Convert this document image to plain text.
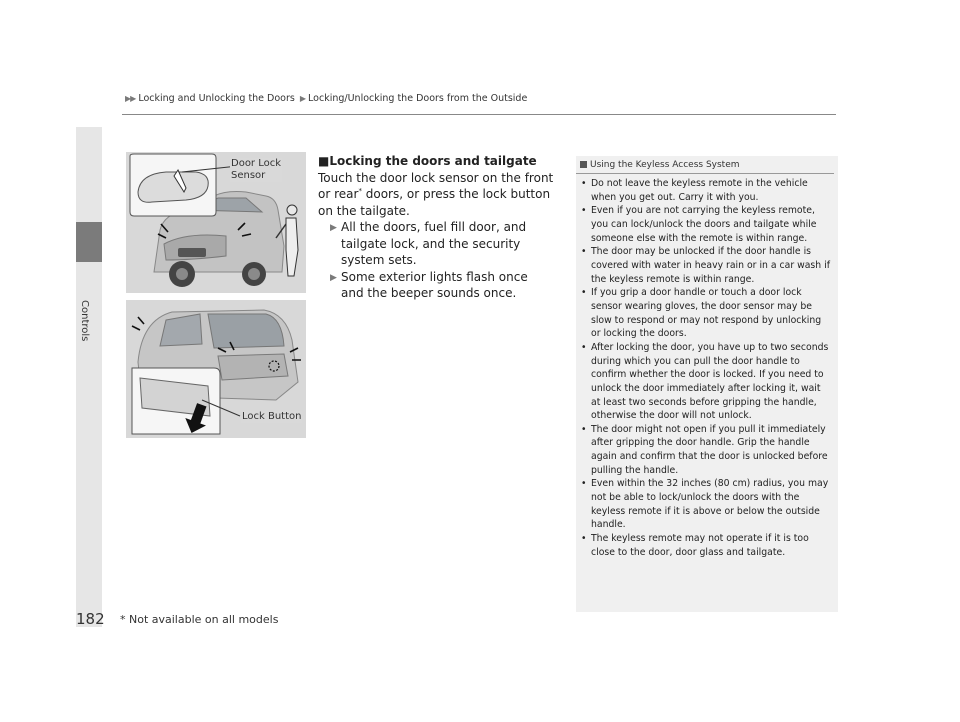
▶▶ Locking and Unlocking the Doors ▶ Locking/Unlocking the Doors from the Outside
Controls
Door Lock
Sensor
Lock Button
■Locking the doors and tailgate

Touch the door lock sensor on the front or rear* doors, or press the lock button on the tailgate.

▶ All the doors, fuel fill door, and tailgate lock, and the security system sets.
▶ Some exterior lights flash once and the beeper sounds once.
Using the Keyless Access System
• Do not leave the keyless remote in the vehicle when you get out. Carry it with you.
• Even if you are not carrying the keyless remote, you can lock/unlock the doors and tailgate while someone else with the remote is within range.
• The door may be unlocked if the door handle is covered with water in heavy rain or in a car wash if the keyless remote is within range.
• If you grip a door handle or touch a door lock sensor wearing gloves, the door sensor may be slow to respond or may not respond by unlocking or locking the doors.
• After locking the door, you have up to two seconds during which you can pull the door handle to confirm whether the door is locked. If you need to unlock the door immediately after locking it, wait at least two seconds before gripping the handle, otherwise the door will not unlock.
• The door might not open if you pull it immediately after gripping the door handle. Grip the handle again and confirm that the door is unlocked before pulling the handle.
• Even within the 32 inches (80 cm) radius, you may not be able to lock/unlock the doors with the keyless remote if it is above or below the outside handle.
• The keyless remote may not operate if it is too close to the door, door glass and tailgate.
182 * Not available on all models
